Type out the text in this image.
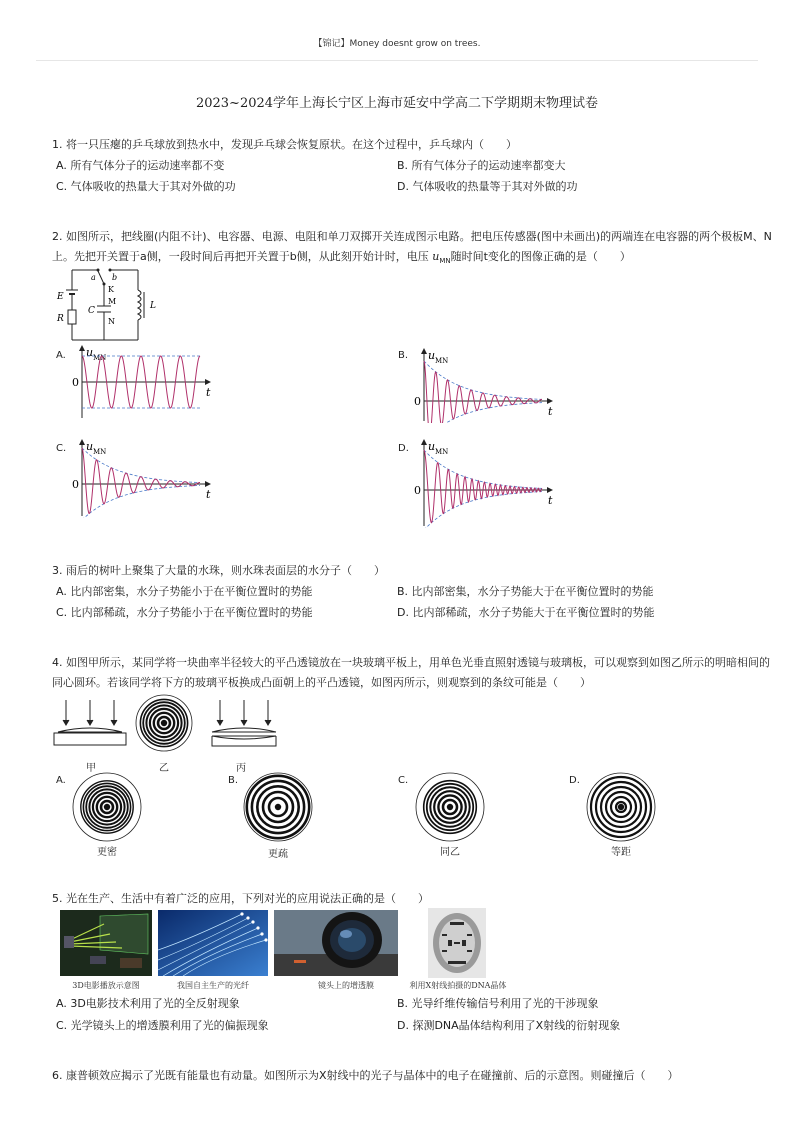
【锦记】Money doesnt grow on trees.
2023~2024学年上海长宁区上海市延安中学高二下学期期末物理试卷
1. 将一只压瘪的乒乓球放到热水中，发现乒乓球会恢复原状。在这个过程中，乒乓球内（　　）
A. 所有气体分子的运动速率都不变	B. 所有气体分子的运动速率都变大
C. 气体吸收的热量大于其对外做的功	D. 气体吸收的热量等于其对外做的功
2. 如图所示，把线圈(内阻不计)、电容器、电源、电阻和单刀双掷开关连成图示电路。把电压传感器(图中未画出)的两端连在电容器的两个极板M、N
上。先把开关置于a侧，一段时间后再把开关置于b侧，从此刻开始计时，电压 $u_{MN}$随时间t变化的图像正确的是（　　）
E
R
C	L
a b
K
M
N
A.	B.
C.	D.
u MN
0
t
u MN
0
t
u MN
0
t
u MN
0
t
3. 雨后的树叶上聚集了大量的水珠，则水珠表面层的水分子（　　）
A. 比内部密集，水分子势能小于在平衡位置时的势能	B. 比内部密集，水分子势能大于在平衡位置时的势能
C. 比内部稀疏，水分子势能小于在平衡位置时的势能	D. 比内部稀疏，水分子势能大于在平衡位置时的势能
4. 如图甲所示，某同学将一块曲率半径较大的平凸透镜放在一块玻璃平板上，用单色光垂直照射透镜与玻璃板，可以观察到如图乙所示的明暗相间的
同心圆环。若该同学将下方的玻璃平板换成凸面朝上的平凸透镜，如图丙所示，则观察到的条纹可能是（　　）
甲	乙	丙
A.	B.	C.	D.
更密	更疏	同乙	等距
5. 光在生产、生活中有着广泛的应用，下列对光的应用说法正确的是（　　）
3D电影播放示意图	我国自主生产的光纤	镜头上的增透膜	利用X射线拍摄的DNA晶体
A. 3D电影技术利用了光的全反射现象	B. 光导纤维传输信号利用了光的干涉现象
C. 光学镜头上的增透膜利用了光的偏振现象	D. 探测DNA晶体结构利用了X射线的衍射现象
6. 康普顿效应揭示了光既有能量也有动量。如图所示为X射线中的光子与晶体中的电子在碰撞前、后的示意图。则碰撞后（　　）
